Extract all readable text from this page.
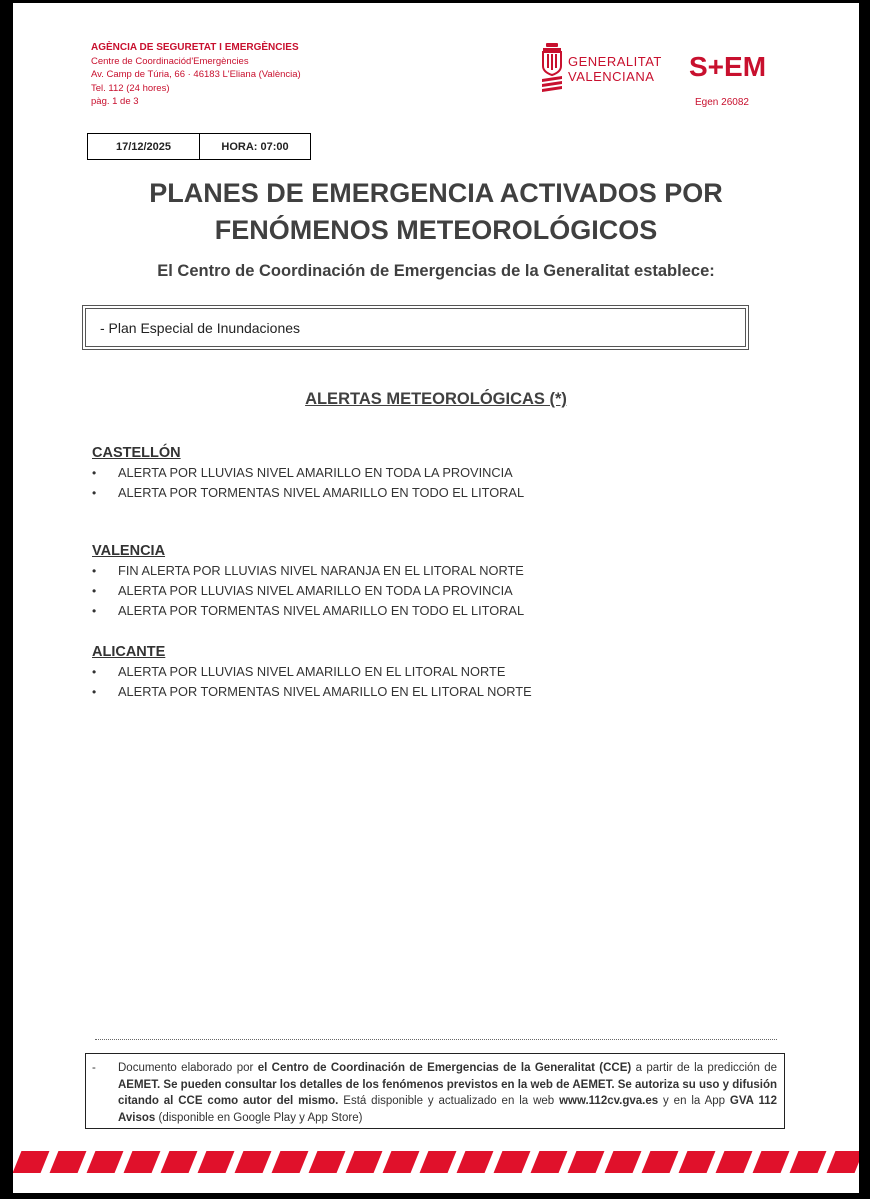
AGÈNCIA DE SEGURETAT I EMERGÈNCIES
Centre de Coordinaciód'Emergències
Av. Camp de Túria, 66 · 46183 L'Eliana (València)
Tel. 112 (24 hores)
pàg. 1 de 3
GENERALITAT
VALENCIANA S+EM
Egen 26082
17/12/2025	HORA: 07:00
PLANES DE EMERGENCIA ACTIVADOS POR
FENÓMENOS METEOROLÓGICOS
El Centro de Coordinación de Emergencias de la Generalitat establece:
- Plan Especial de Inundaciones
ALERTAS METEOROLÓGICAS (*)
CASTELLÓN
• ALERTA POR LLUVIAS NIVEL AMARILLO EN TODA LA PROVINCIA
• ALERTA POR TORMENTAS NIVEL AMARILLO EN TODO EL LITORAL
VALENCIA
• FIN ALERTA POR LLUVIAS NIVEL NARANJA EN EL LITORAL NORTE
• ALERTA POR LLUVIAS NIVEL AMARILLO EN TODA LA PROVINCIA
• ALERTA POR TORMENTAS NIVEL AMARILLO EN TODO EL LITORAL
ALICANTE
• ALERTA POR LLUVIAS NIVEL AMARILLO EN EL LITORAL NORTE
• ALERTA POR TORMENTAS NIVEL AMARILLO EN EL LITORAL NORTE
- Documento elaborado por el Centro de Coordinación de Emergencias de la Generalitat (CCE) a partir de la predicción de AEMET. Se pueden consultar los detalles de los fenómenos previstos en la web de AEMET. Se autoriza su uso y difusión citando al CCE como autor del mismo. Está disponible y actualizado en la web www.112cv.gva.es y en la App GVA 112 Avisos (disponible en Google Play y App Store)
